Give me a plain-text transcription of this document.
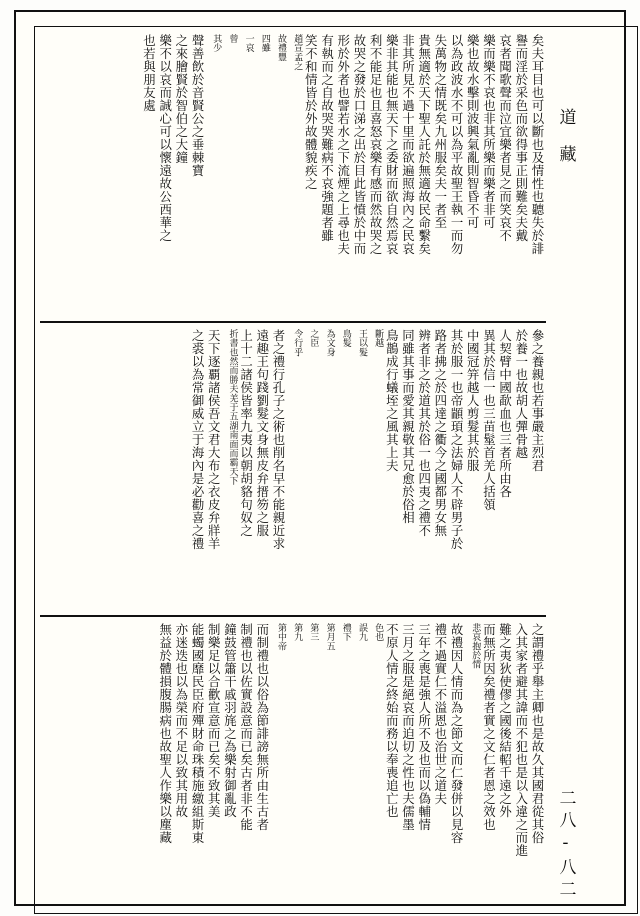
矣夫耳目也可以斷也及情性也聽失於誹
譽而淫於采色而欲得事正則難矣夫戴
哀者聞歌聲而泣宜樂者見之而笑哀不
樂而樂不哀也非其所樂而樂者非可
樂也故水擊則波興氣亂則智昏不可
以為政波水不可以為平故聖王執一而勿
失萬物之情既矣九州服矣夫一者至
貴無適於天下聖人託於無適故民命繫矣
非其所見不過十里而欲遍照海內之民哀
樂非其能也無天下之委財而欲自然焉哀
利不能足也且喜怒哀樂有感而然故哭之
故哭之發於口涕之出於目此皆憤於中而
形於外者也譬若水之下流煙之上尋也夫
有執而之自故哭哭難病不哀強題者雖
笑不和情皆於外故體貌疾之
趙宣孟之
故禮豐
四雖
一哀
曾
其少
聲善飲於音賢公之垂棘寶
之來膾賢於智伯之大鐘
樂不以哀而誠心可以懷遠故公西華之
也若與朋友處
參之養親也若事嚴主烈君
於養一也故胡人彈骨越
人契臂中國歃血也三者所由各
異其於信一也三苗髽首羌人括領
中國冠笄越人剪髮其於服
其於服一也帝顓頊之法婦人不辟男子於
路者拂之於四達之衢今之國都男女無
辨者非之於道其於俗一也四夷之禮不
同雖其事而愛其親敬其兄愈於俗相
鳥鵲成行蟻垤之風其上夫
斷越
王以髮
鳥髮
為文身
之臣
令行乎
者之禮行孔子之術也削名早不能親近求
遠趣王句踐劉髮文身無皮弁搢笏之服
上十二諸侯皆率九夷以朝胡貉句奴之
折書也然而勝夫羌于五湖南面而霸天下
天下逐覇諸侯吾文君大布之衣皮弁牂羊
之裘以為常御威立于海內是必勸喜之禮
之謂禮乎舉主卿也是故久其國君從其俗
入其家者避其諱而不犯也是以入違之而進
難之夷狄使僇之國後結軺千遠之外
而無所因矣禮者實之文仁者恩之效也
悲哀抱於情
故禮因人情而為之節文而仁發併以見容
禮不過實仁不溢恩也治世之道夫
三年之喪是強人所不及也而以偽輔情
三月之服是絕哀而迫切之性也夫儒墨
不原人情之終始而務以奉喪追亡也
色也
誤九
禮下
第月五
第三
第九
第中帝
而制禮也以俗為節誹謗無所由生古者
制禮也以佐實設意而已矣古者非不能
鐘鼓管簫干戚羽旄之為樂射御亂政
制樂足以合歡宣意而已矣不致其美
能蠋國靡民臣府殫財命珠積施繳組斯東
亦迷迭也以為榮而不足以致其用故
無益於體損腹腸病也故聖人作樂以塵藏
道藏
二八-八二
